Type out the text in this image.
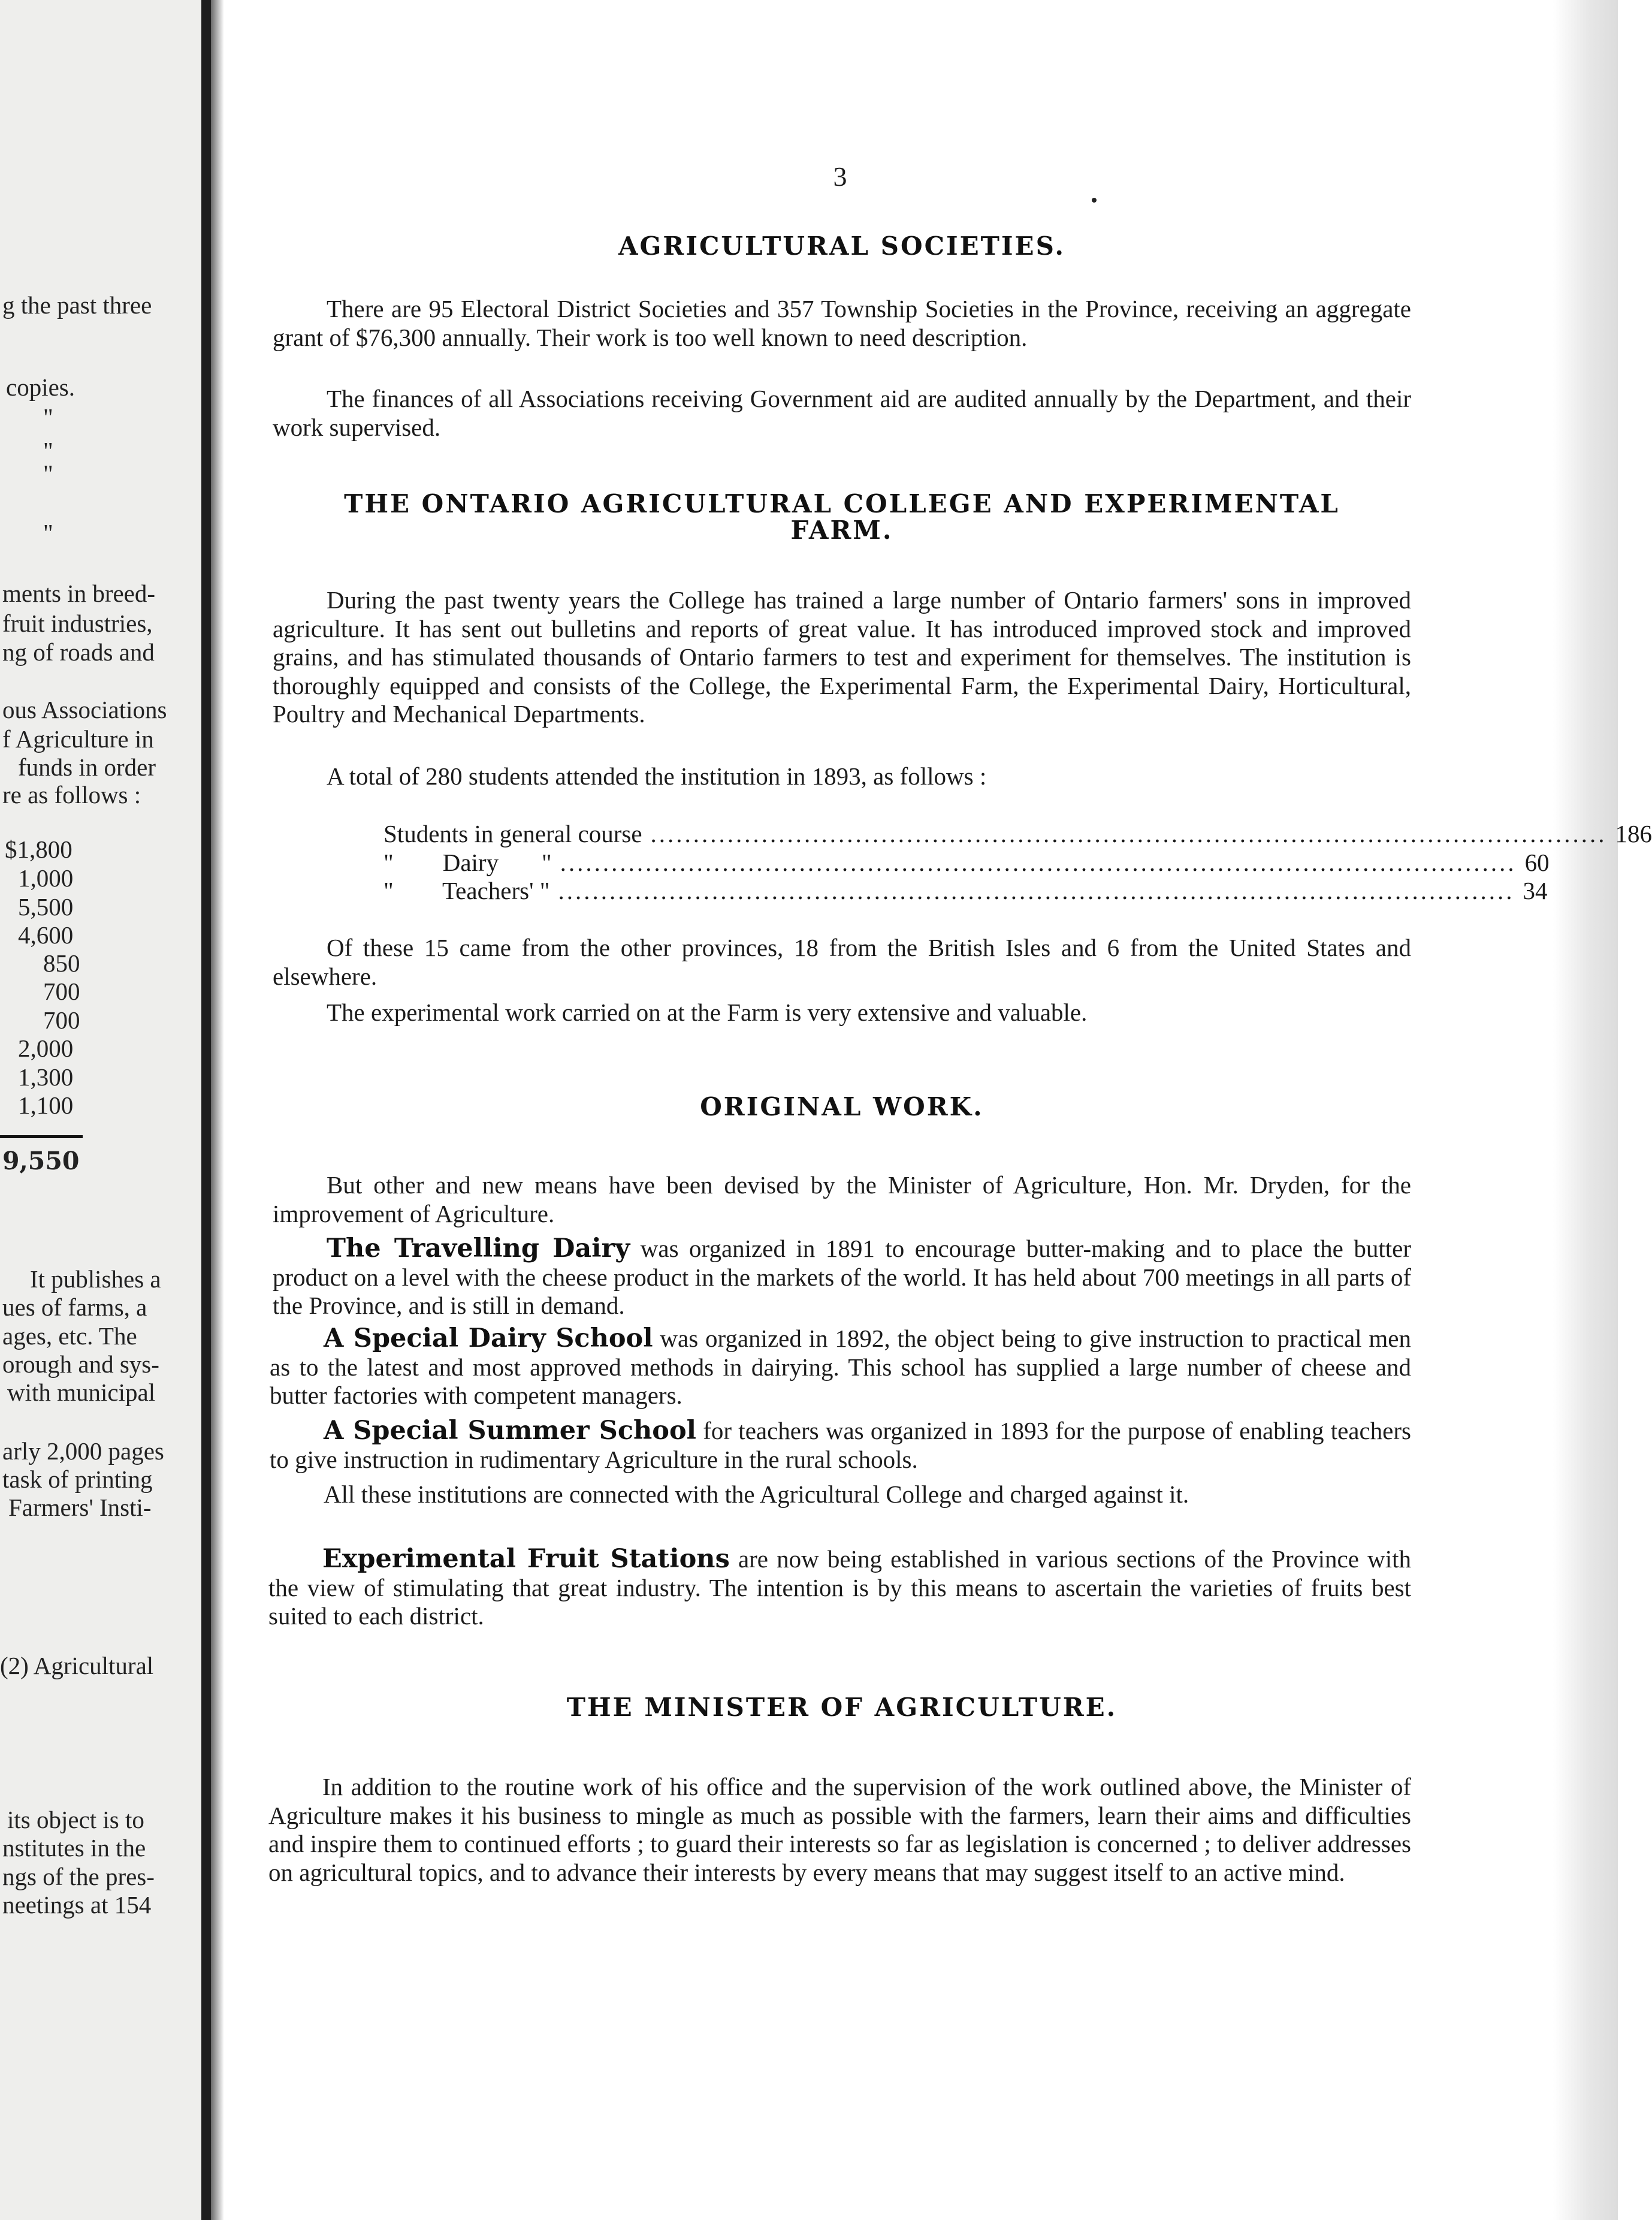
g the past three
copies.
"
"
"
"
ments in breed-
fruit industries,
ng of roads and
ous Associations
f Agriculture in
funds in order
re as follows :
$1,800
1,000
5,500
4,600
850
700
700
2,000
1,300
1,100
9,550
It publishes a
ues of farms, a
ages, etc. The
orough and sys-
with municipal
arly 2,000 pages
task of printing
Farmers' Insti-
(2) Agricultural
its object is to
nstitutes in the
ngs of the pres-
neetings at 154
3
AGRICULTURAL SOCIETIES.
There are 95 Electoral District Societies and 357 Township Societies in the Province, receiving an aggregate grant of $76,300 annually. Their work is too well known to need description.
The finances of all Associations receiving Government aid are audited annually by the Department, and their work supervised.
THE ONTARIO AGRICULTURAL COLLEGE AND EXPERIMENTAL
FARM.
During the past twenty years the College has trained a large number of Ontario farmers' sons in improved agriculture. It has sent out bulletins and reports of great value. It has introduced improved stock and improved grains, and has stimulated thousands of Ontario farmers to test and experiment for themselves. The institution is thoroughly equipped and consists of the College, the Experimental Farm, the Experimental Dairy, Horticultural, Poultry and Mechanical Departments.
A total of 280 students attended the institution in 1893, as follows :
Students in general course ................................................................................................................ 186
"        Dairy       " ................................................................................................................ 60
"        Teachers' " ................................................................................................................ 34
Of these 15 came from the other provinces, 18 from the British Isles and 6 from the United States and elsewhere.
The experimental work carried on at the Farm is very extensive and valuable.
ORIGINAL WORK.
But other and new means have been devised by the Minister of Agriculture, Hon. Mr. Dryden, for the improvement of Agriculture.
The Travelling Dairy was organized in 1891 to encourage butter-making and to place the butter product on a level with the cheese product in the markets of the world. It has held about 700 meetings in all parts of the Province, and is still in demand.
A Special Dairy School was organized in 1892, the object being to give instruction to practical men as to the latest and most approved methods in dairying. This school has supplied a large number of cheese and butter factories with competent managers.
A Special Summer School for teachers was organized in 1893 for the purpose of enabling teachers to give instruction in rudimentary Agriculture in the rural schools.
All these institutions are connected with the Agricultural College and charged against it.
Experimental Fruit Stations are now being established in various sections of the Province with the view of stimulating that great industry. The intention is by this means to ascertain the varieties of fruits best suited to each district.
THE MINISTER OF AGRICULTURE.
In addition to the routine work of his office and the supervision of the work outlined above, the Minister of Agriculture makes it his business to mingle as much as possible with the farmers, learn their aims and difficulties and inspire them to continued efforts ; to guard their interests so far as legislation is concerned ; to deliver addresses on agricultural topics, and to advance their interests by every means that may suggest itself to an active mind.
